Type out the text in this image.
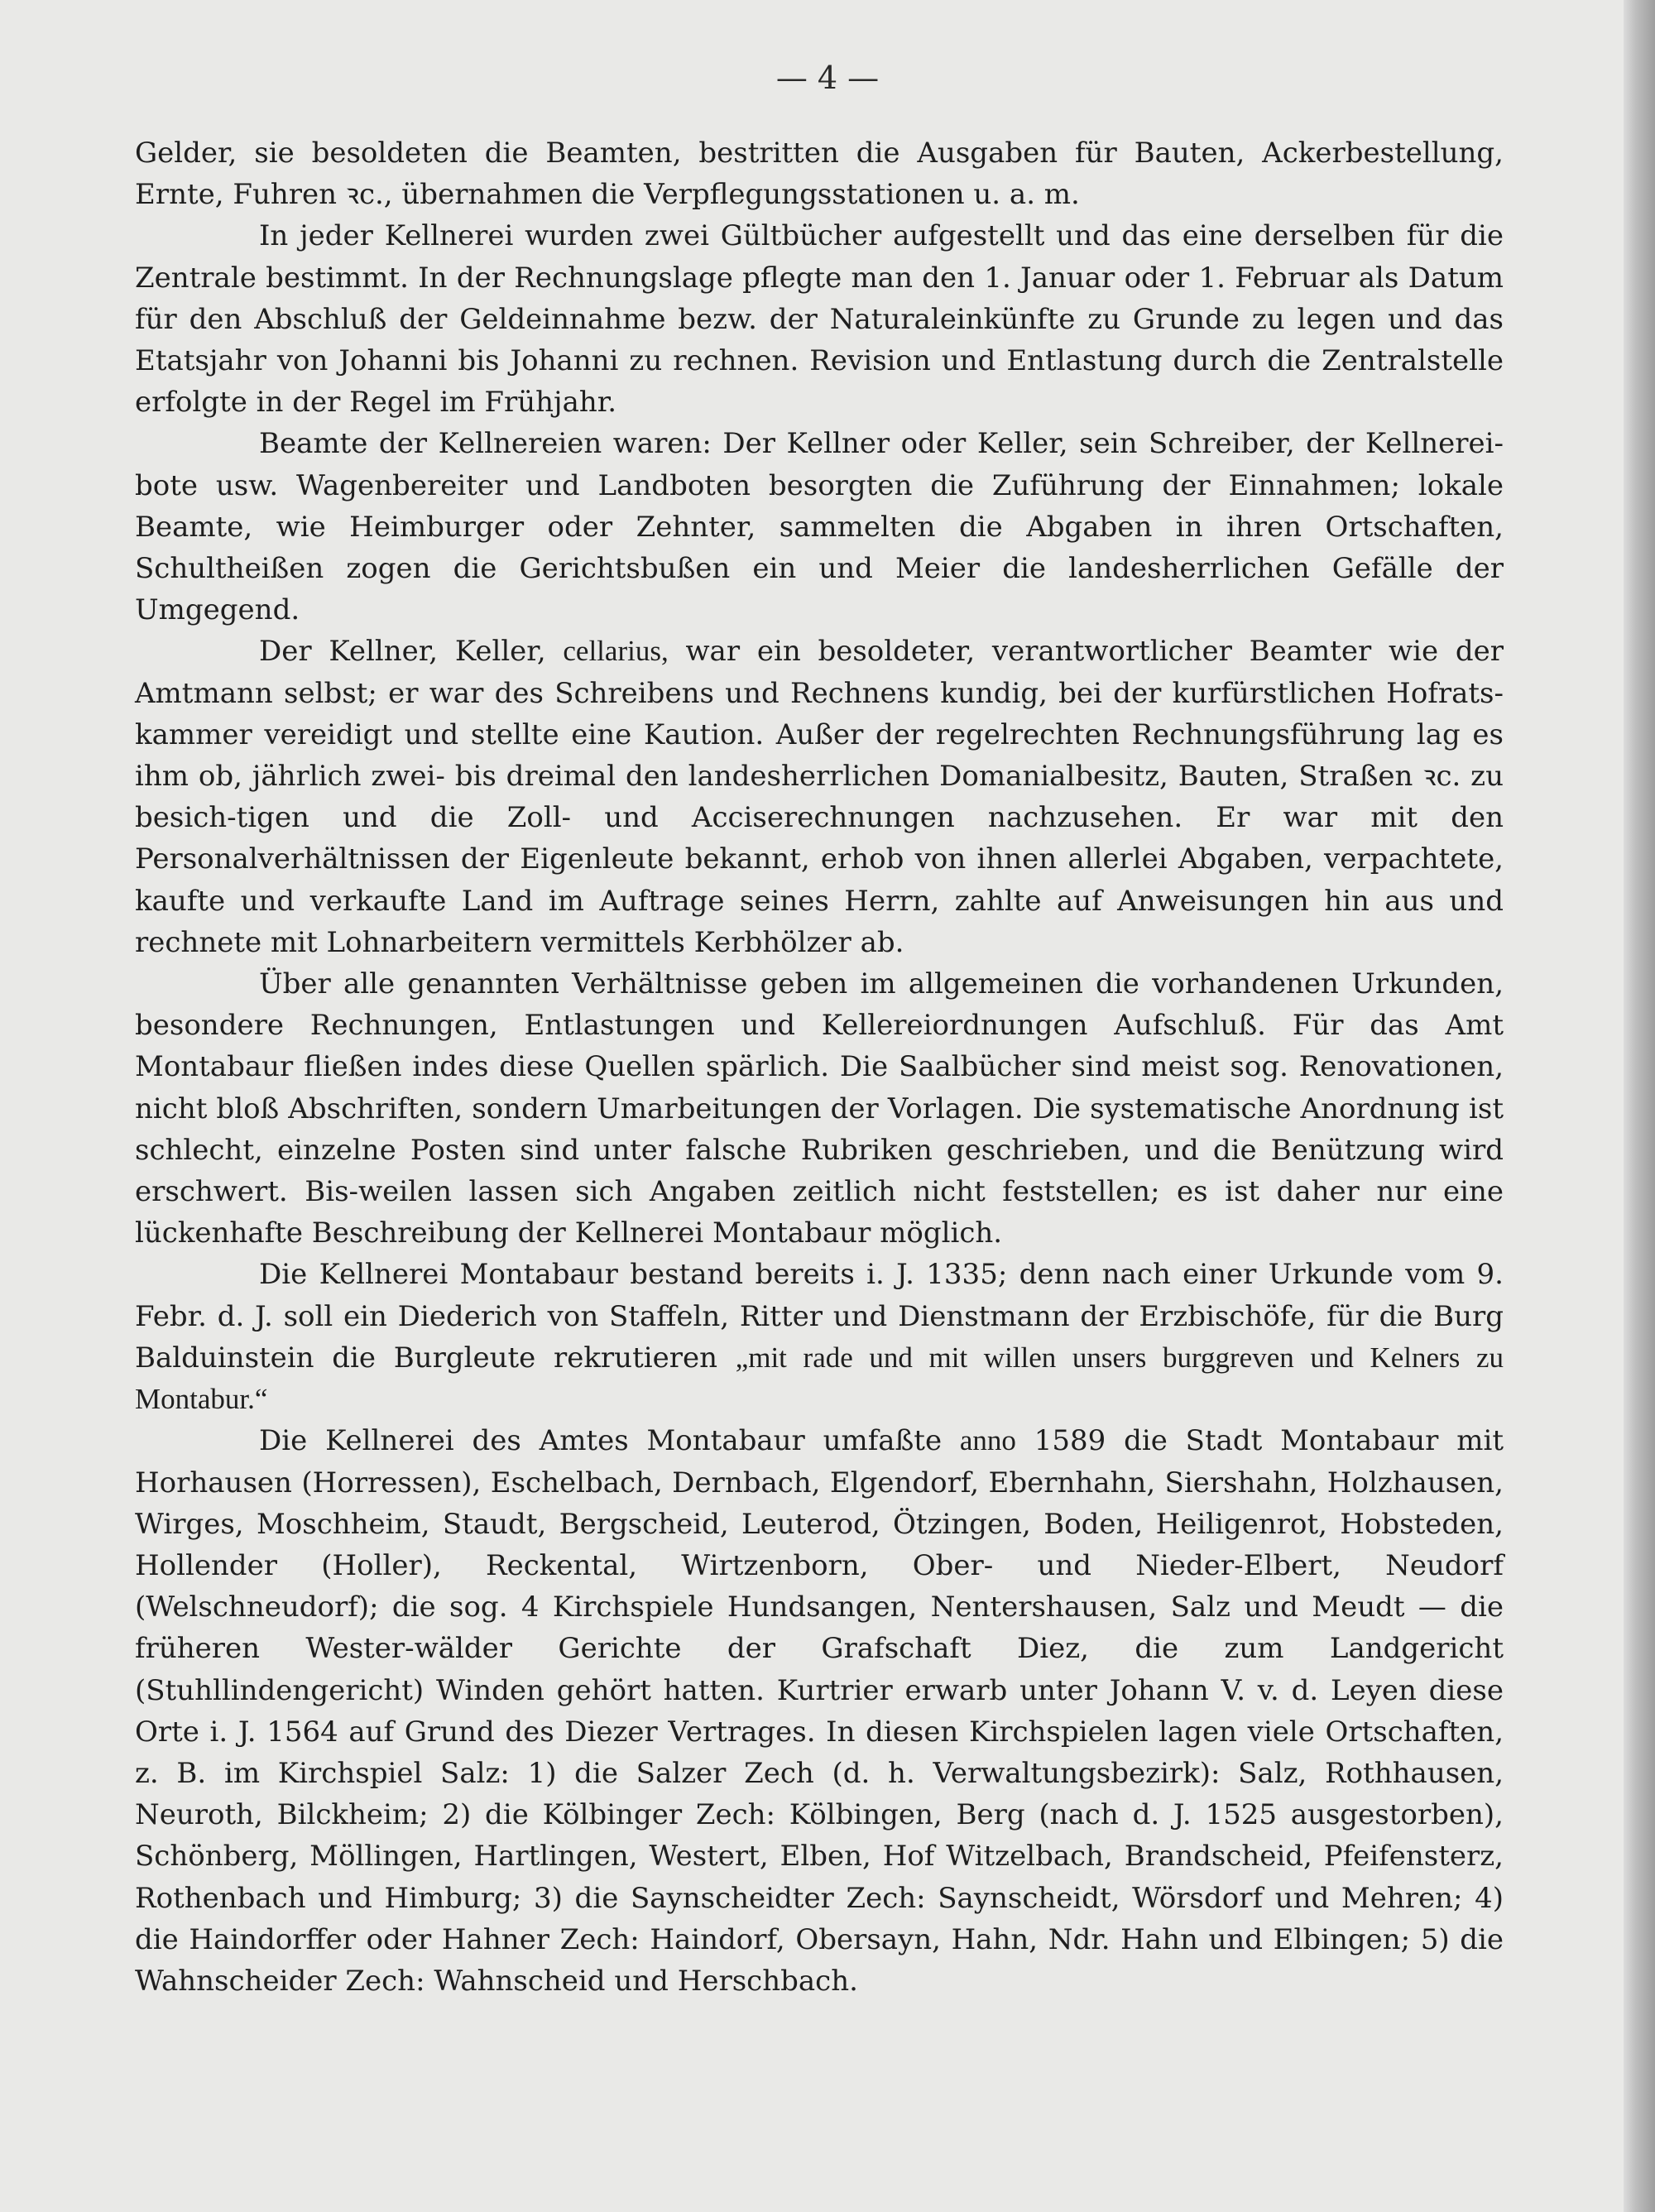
— 4 —

Gelder, sie besoldeten die Beamten, bestritten die Ausgaben für Bauten, Ackerbestellung, Ernte, Fuhren ꝛc., übernahmen die Verpflegungsstationen u. a. m.

In jeder Kellnerei wurden zwei Gültbücher aufgestellt und das eine derselben für die Zentrale bestimmt. In der Rechnungslage pflegte man den 1. Januar oder 1. Februar als Datum für den Abschluß der Geldeinnahme bezw. der Naturaleinkünfte zu Grunde zu legen und das Etatsjahr von Johanni bis Johanni zu rechnen. Revision und Entlastung durch die Zentralstelle erfolgte in der Regel im Frühjahr.

Beamte der Kellnereien waren: Der Kellner oder Keller, sein Schreiber, der Kellnerei-bote usw. Wagenbereiter und Landboten besorgten die Zuführung der Einnahmen; lokale Beamte, wie Heimburger oder Zehnter, sammelten die Abgaben in ihren Ortschaften, Schultheißen zogen die Gerichtsbußen ein und Meier die landesherrlichen Gefälle der Umgegend.

Der Kellner, Keller, cellarius, war ein besoldeter, verantwortlicher Beamter wie der Amtmann selbst; er war des Schreibens und Rechnens kundig, bei der kurfürstlichen Hofrats-kammer vereidigt und stellte eine Kaution. Außer der regelrechten Rechnungsführung lag es ihm ob, jährlich zwei- bis dreimal den landesherrlichen Domanialbesitz, Bauten, Straßen ꝛc. zu besich-tigen und die Zoll- und Acciserechnungen nachzusehen. Er war mit den Personalverhältnissen der Eigenleute bekannt, erhob von ihnen allerlei Abgaben, verpachtete, kaufte und verkaufte Land im Auftrage seines Herrn, zahlte auf Anweisungen hin aus und rechnete mit Lohnarbeitern vermittels Kerbhölzer ab.

Über alle genannten Verhältnisse geben im allgemeinen die vorhandenen Urkunden, besondere Rechnungen, Entlastungen und Kellereiordnungen Aufschluß. Für das Amt Montabaur fließen indes diese Quellen spärlich. Die Saalbücher sind meist sog. Renovationen, nicht bloß Abschriften, sondern Umarbeitungen der Vorlagen. Die systematische Anordnung ist schlecht, einzelne Posten sind unter falsche Rubriken geschrieben, und die Benützung wird erschwert. Bis-weilen lassen sich Angaben zeitlich nicht feststellen; es ist daher nur eine lückenhafte Beschreibung der Kellnerei Montabaur möglich.

Die Kellnerei Montabaur bestand bereits i. J. 1335; denn nach einer Urkunde vom 9. Febr. d. J. soll ein Diederich von Staffeln, Ritter und Dienstmann der Erzbischöfe, für die Burg Balduinstein die Burgleute rekrutieren „mit rade und mit willen unsers burggreven und Kelners zu Montabur.“

Die Kellnerei des Amtes Montabaur umfaßte anno 1589 die Stadt Montabaur mit Horhausen (Horressen), Eschelbach, Dernbach, Elgendorf, Ebernhahn, Siershahn, Holzhausen, Wirges, Moschheim, Staudt, Bergscheid, Leuterod, Ötzingen, Boden, Heiligenrot, Hobsteden, Hollender (Holler), Reckental, Wirtzenborn, Ober- und Nieder-Elbert, Neudorf (Welschneudorf); die sog. 4 Kirchspiele Hundsangen, Nentershausen, Salz und Meudt — die früheren Wester-wälder Gerichte der Grafschaft Diez, die zum Landgericht (Stuhllindengericht) Winden gehört hatten. Kurtrier erwarb unter Johann V. v. d. Leyen diese Orte i. J. 1564 auf Grund des Diezer Vertrages. In diesen Kirchspielen lagen viele Ortschaften, z. B. im Kirchspiel Salz: 1) die Salzer Zech (d. h. Verwaltungsbezirk): Salz, Rothhausen, Neuroth, Bilckheim; 2) die Kölbinger Zech: Kölbingen, Berg (nach d. J. 1525 ausgestorben), Schönberg, Möllingen, Hartlingen, Westert, Elben, Hof Witzelbach, Brandscheid, Pfeifensterz, Rothenbach und Himburg; 3) die Saynscheidter Zech: Saynscheidt, Wörsdorf und Mehren; 4) die Haindorffer oder Hahner Zech: Haindorf, Obersayn, Hahn, Ndr. Hahn und Elbingen; 5) die Wahnscheider Zech: Wahnscheid und Herschbach.
